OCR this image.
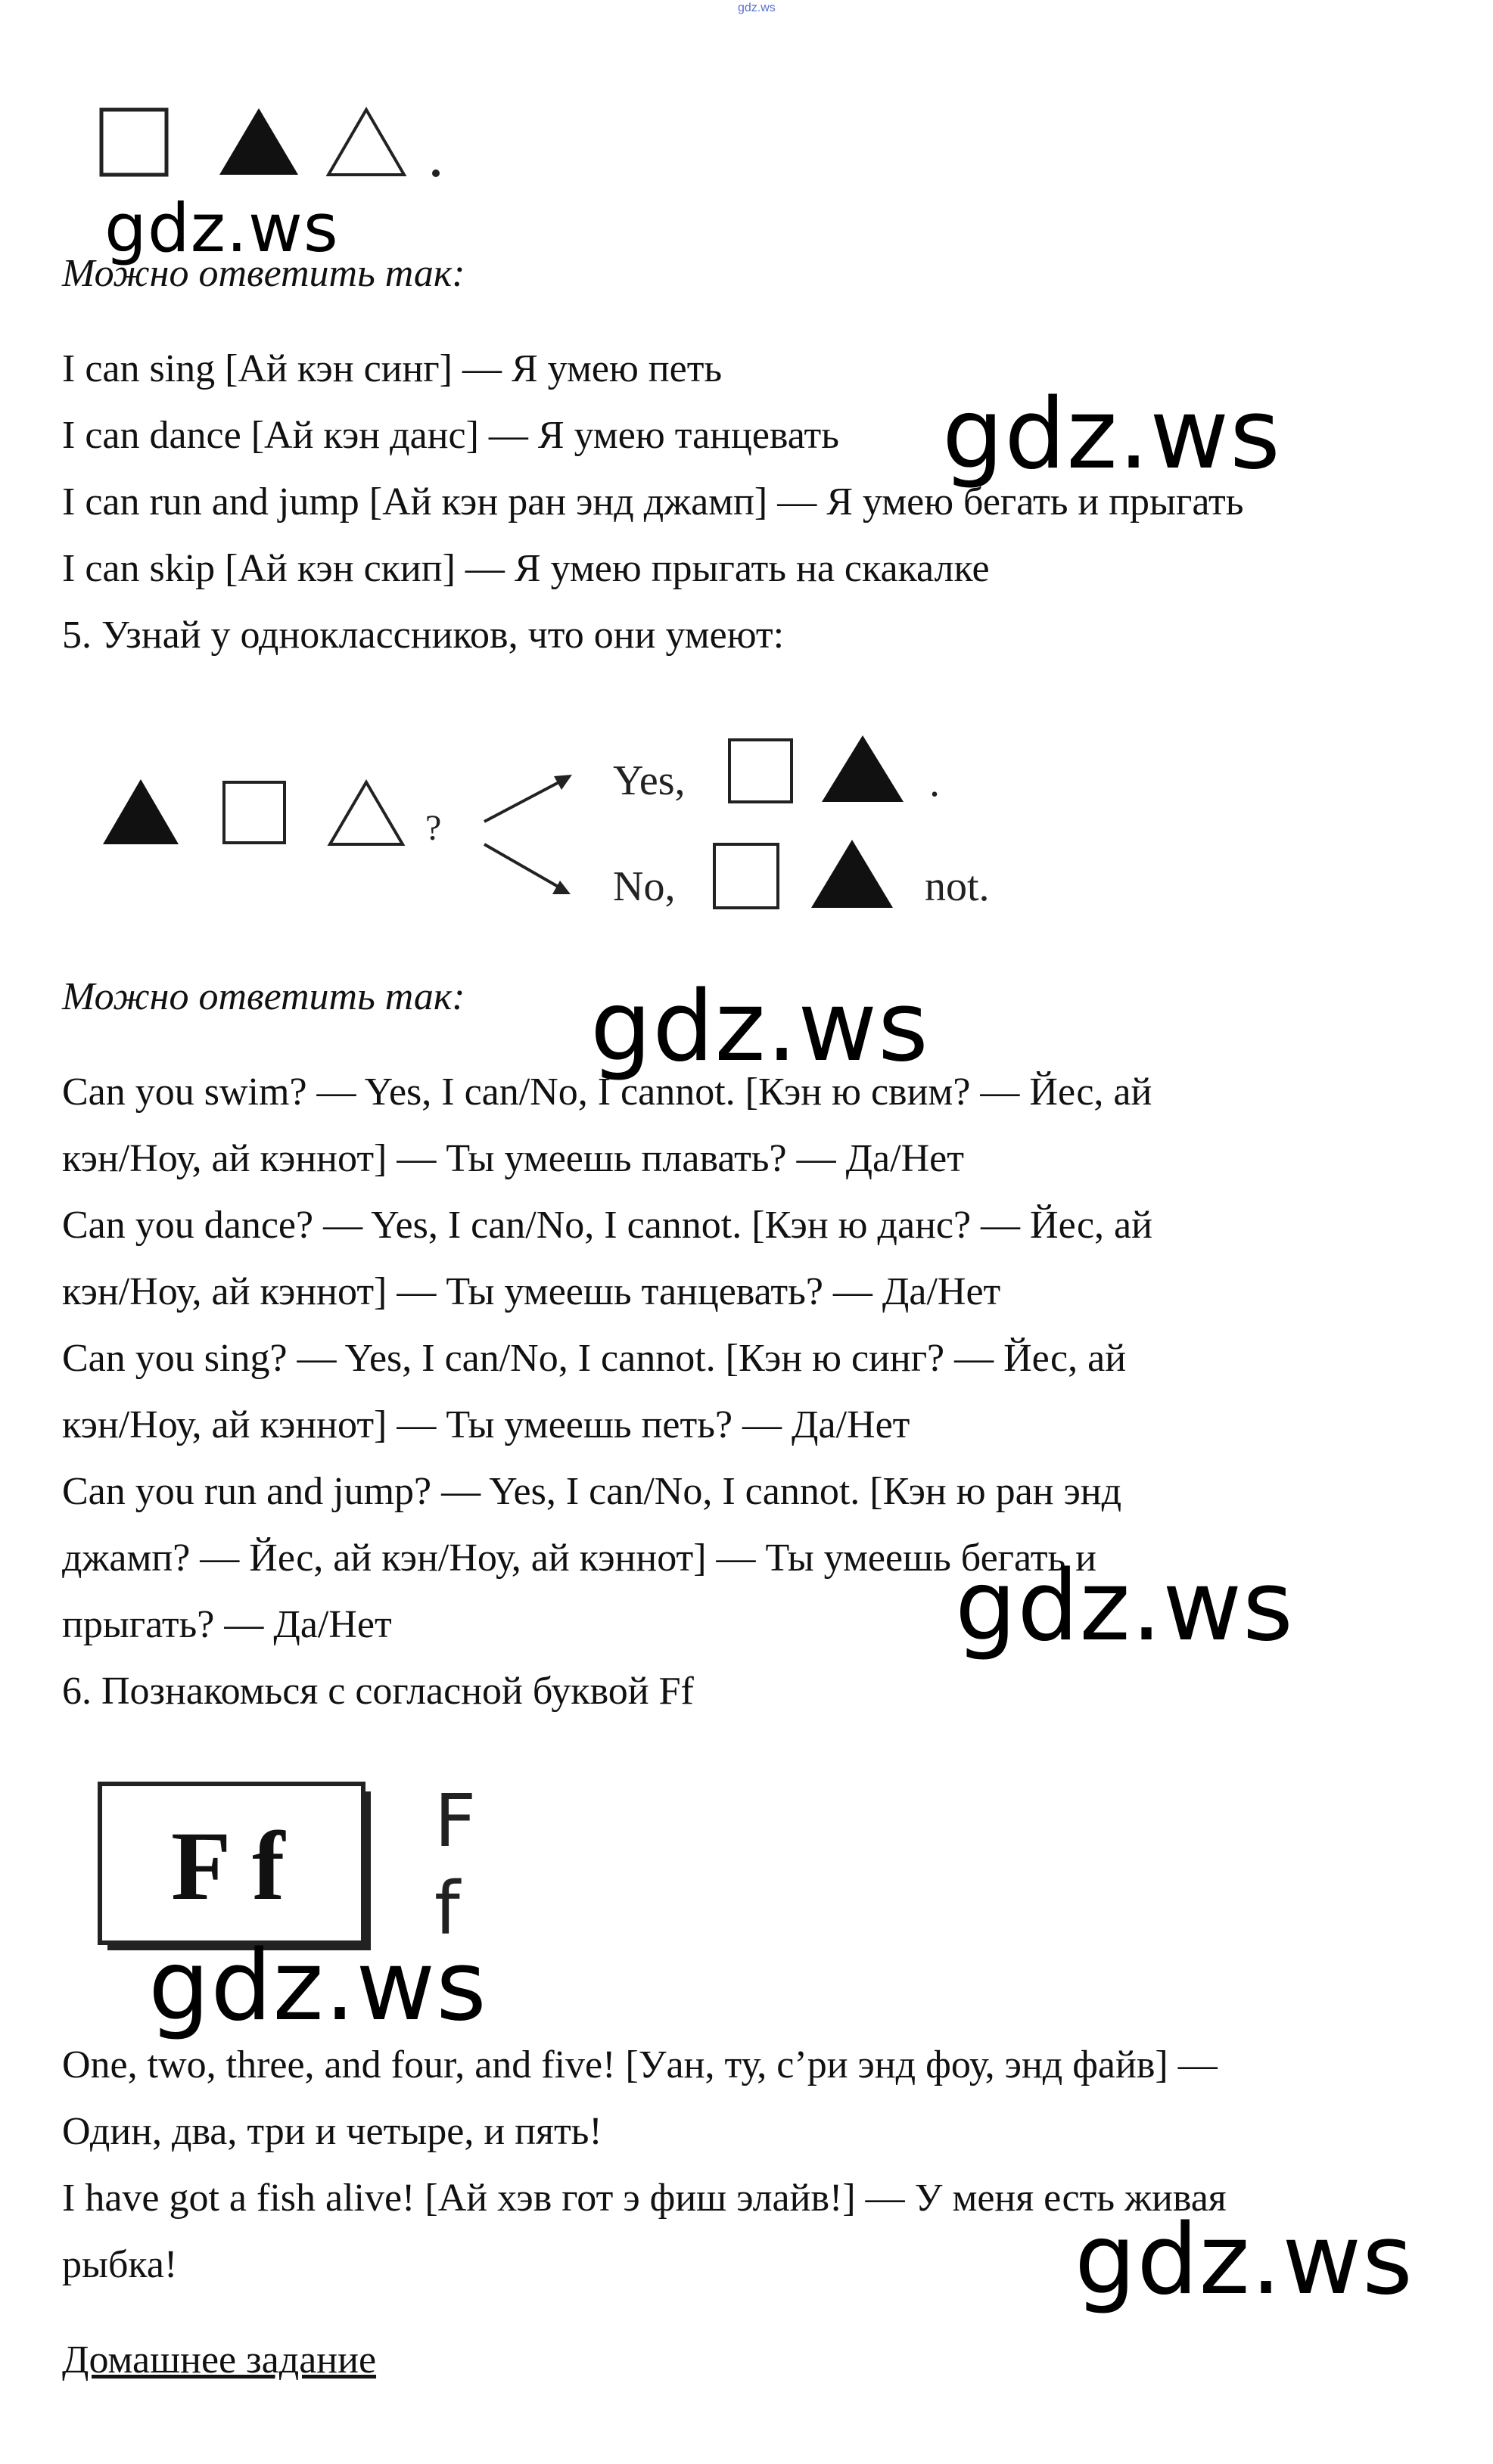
gdz.ws
gdz.ws
Можно ответить так:
I can sing [Ай кэн синг] — Я умею петь
I can dance [Ай кэн данс] — Я умею танцевать
I can run and jump [Ай кэн ран энд джамп] — Я умею бегать и прыгать
I can skip [Ай кэн скип] — Я умею прыгать на скакалке
gdz.ws
5. Узнай у одноклассников, что они умеют:
?
Yes,	.
No,	not.
Можно ответить так: gdz.ws
Can you swim? — Yes, I can/No, I cannot. [Кэн ю свим? — Йес, ай
кэн/Ноу, ай кэннот] — Ты умеешь плавать? — Да/Нет
Can you dance? — Yes, I can/No, I cannot. [Кэн ю данс? — Йес, ай
кэн/Ноу, ай кэннот] — Ты умеешь танцевать? — Да/Нет
Can you sing? — Yes, I can/No, I cannot. [Кэн ю синг? — Йес, ай
кэн/Ноу, ай кэннот] — Ты умеешь петь? — Да/Нет
Can you run and jump? — Yes, I can/No, I cannot. [Кэн ю ран энд
джамп? — Йес, ай кэн/Ноу, ай кэннот] — Ты умеешь бегать и
прыгать? — Да/Нет	gdz.ws
6. Познакомься с согласной буквой Ff
F f F
f
gdz.ws
One, two, three, and four, and five! [Уан, ту, с’ри энд фоу, энд файв] —
Один, два, три и четыре, и пять!
I have got a fish alive! [Ай хэв гот э фиш элайв!] — У меня есть живая
рыбка!	gdz.ws
Домашнее задание
